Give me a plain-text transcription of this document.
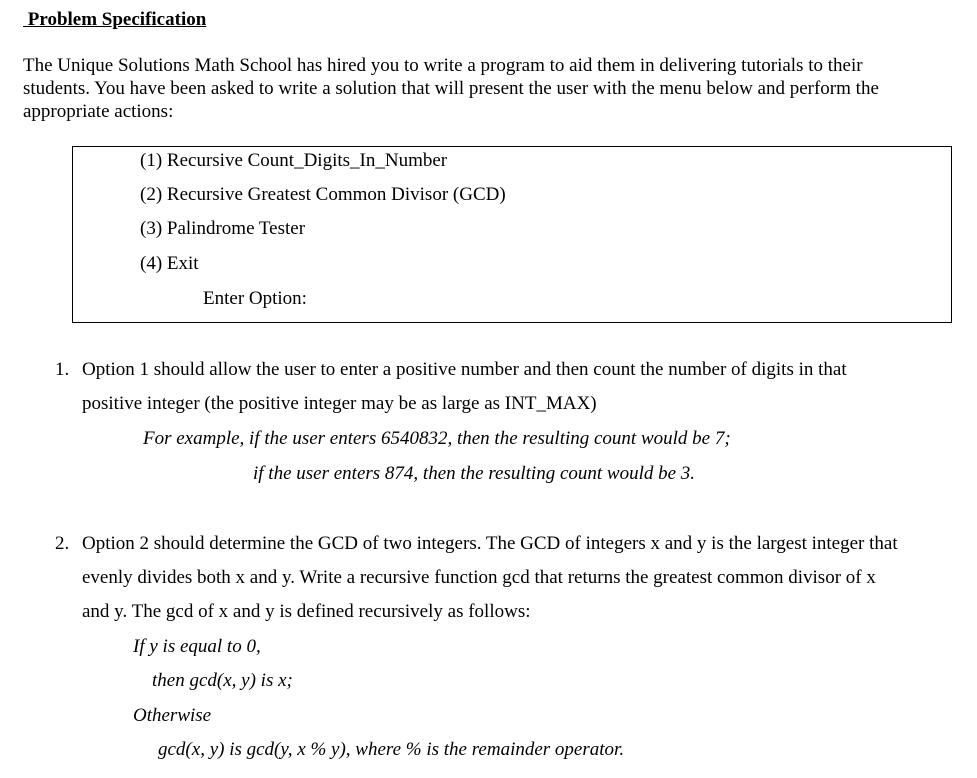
Problem Specification
The Unique Solutions Math School has hired you to write a program to aid them in delivering tutorials to their
students. You have been asked to write a solution that will present the user with the menu below and perform the
appropriate actions:
(1) Recursive Count_Digits_In_Number
(2) Recursive Greatest Common Divisor (GCD)
(3) Palindrome Tester
(4) Exit
Enter Option:
1. Option 1 should allow the user to enter a positive number and then count the number of digits in that
positive integer (the positive integer may be as large as INT_MAX)
For example, if the user enters 6540832, then the resulting count would be 7;
if the user enters 874, then the resulting count would be 3.
2. Option 2 should determine the GCD of two integers. The GCD of integers x and y is the largest integer that
evenly divides both x and y. Write a recursive function gcd that returns the greatest common divisor of x
and y. The gcd of x and y is defined recursively as follows:
If y is equal to 0,
then gcd(x, y) is x;
Otherwise
gcd(x, y) is gcd(y, x % y), where % is the remainder operator.
